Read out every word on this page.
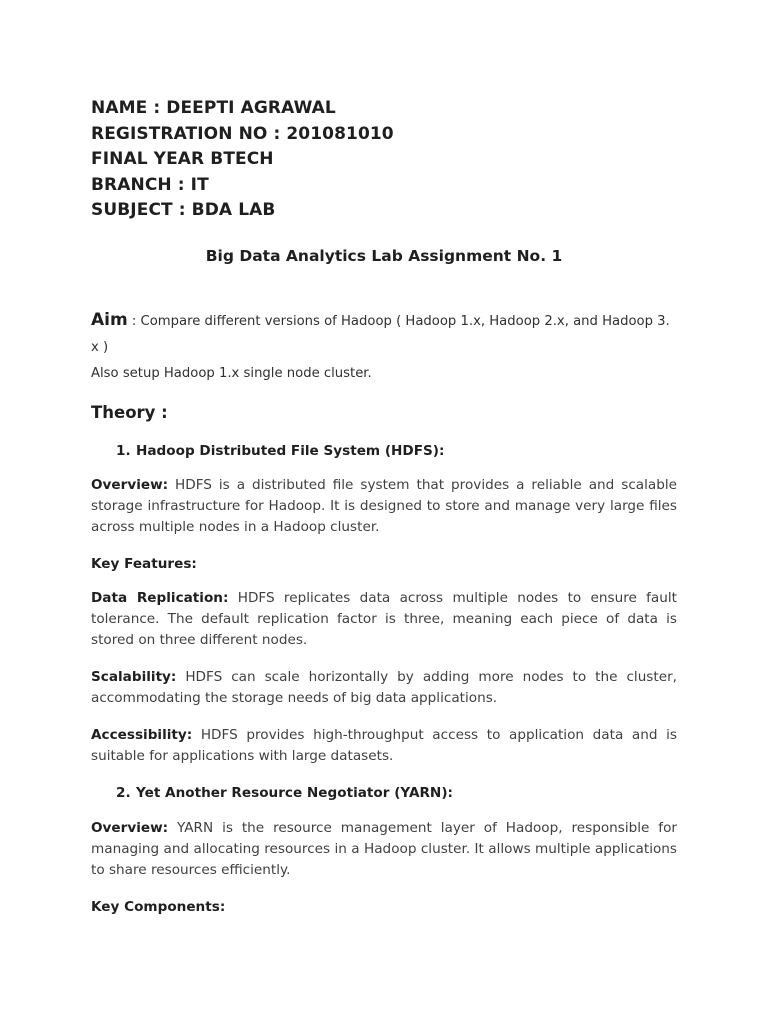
NAME : DEEPTI AGRAWAL
REGISTRATION NO : 201081010
FINAL YEAR BTECH
BRANCH : IT
SUBJECT : BDA LAB
Big Data Analytics Lab Assignment No. 1
Aim : Compare different versions of Hadoop ( Hadoop 1.x, Hadoop 2.x, and Hadoop 3. x )
Also setup Hadoop 1.x single node cluster.
Theory :
1. Hadoop Distributed File System (HDFS):
Overview: HDFS is a distributed file system that provides a reliable and scalable storage infrastructure for Hadoop. It is designed to store and manage very large files across multiple nodes in a Hadoop cluster.
Key Features:
Data Replication: HDFS replicates data across multiple nodes to ensure fault tolerance. The default replication factor is three, meaning each piece of data is stored on three different nodes.
Scalability: HDFS can scale horizontally by adding more nodes to the cluster, accommodating the storage needs of big data applications.
Accessibility: HDFS provides high-throughput access to application data and is suitable for applications with large datasets.
2. Yet Another Resource Negotiator (YARN):
Overview: YARN is the resource management layer of Hadoop, responsible for managing and allocating resources in a Hadoop cluster. It allows multiple applications to share resources efficiently.
Key Components:
